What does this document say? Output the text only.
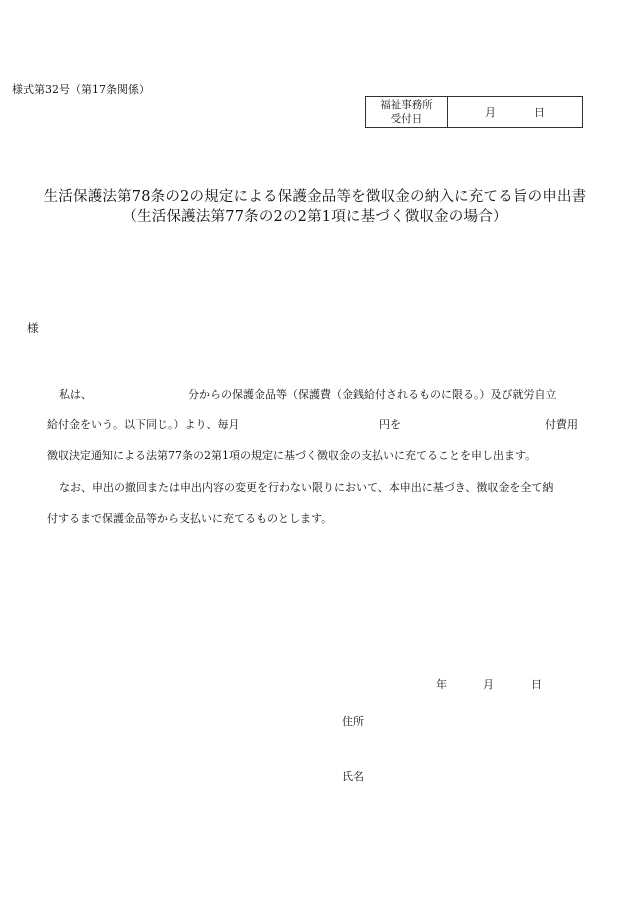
様式第32号（第17条関係）
福祉事務所
受付日	月	日
生活保護法第78条の2の規定による保護金品等を徴収金の納入に充てる旨の申出書
（生活保護法第77条の2の2第1項に基づく徴収金の場合）
様
私は、	分からの保護金品等（保護費（金銭給付されるものに限る。）及び就労自立
給付金をいう。以下同じ。）より、毎月	円を	付費用
徴収決定通知による法第77条の2第1項の規定に基づく徴収金の支払いに充てることを申し出ます。
なお、申出の撤回または申出内容の変更を行わない限りにおいて、本申出に基づき、徴収金を全て納
付するまで保護金品等から支払いに充てるものとします。
年	月	日
住所
氏名
